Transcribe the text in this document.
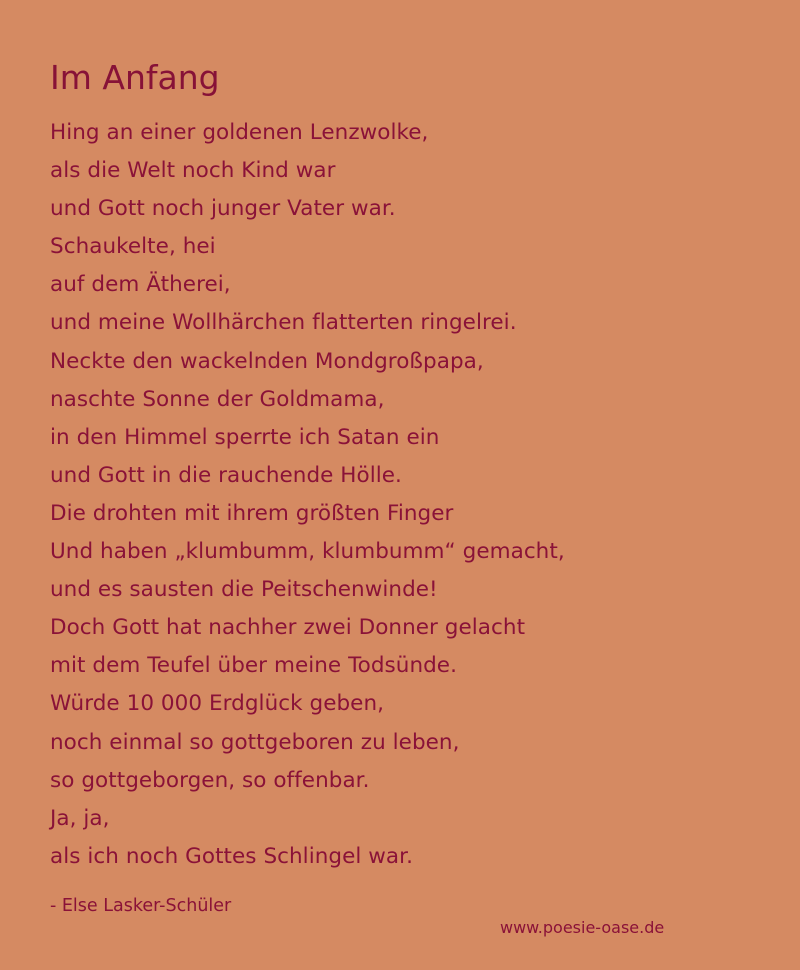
Im Anfang
Hing an einer goldenen Lenzwolke,
als die Welt noch Kind war
und Gott noch junger Vater war.
Schaukelte, hei
auf dem Ätherei,
und meine Wollhärchen flatterten ringelrei.
Neckte den wackelnden Mondgroßpapa,
naschte Sonne der Goldmama,
in den Himmel sperrte ich Satan ein
und Gott in die rauchende Hölle.
Die drohten mit ihrem größten Finger
Und haben „klumbumm, klumbumm“ gemacht,
und es sausten die Peitschenwinde!
Doch Gott hat nachher zwei Donner gelacht
mit dem Teufel über meine Todsünde.
Würde 10 000 Erdglück geben,
noch einmal so gottgeboren zu leben,
so gottgeborgen, so offenbar.
Ja, ja,
als ich noch Gottes Schlingel war.
- Else Lasker-Schüler
www.poesie-oase.de
